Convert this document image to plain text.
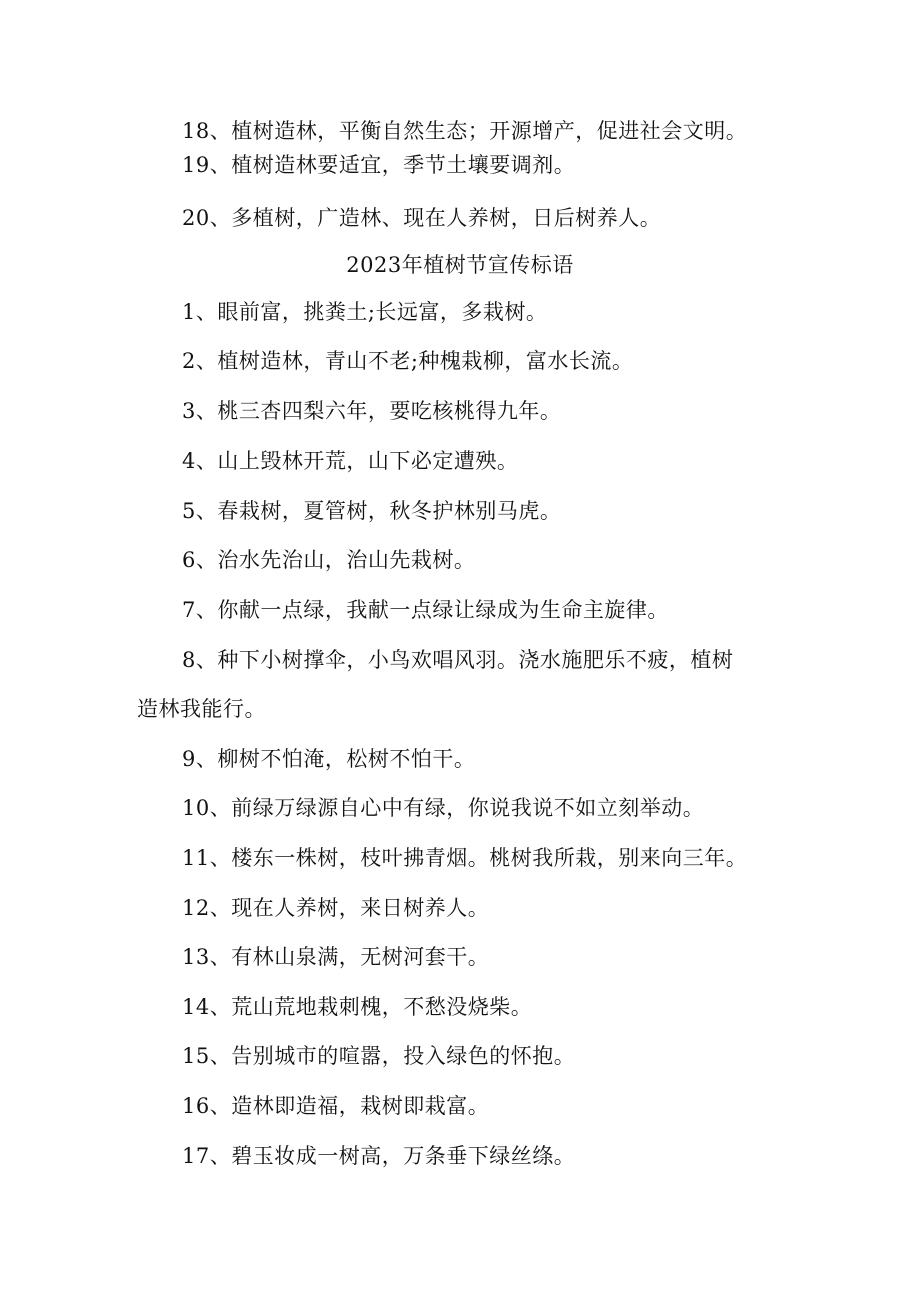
18、植树造林，平衡自然生态；开源增产，促进社会文明。
19、植树造林要适宜，季节土壤要调剂。
20、多植树，广造林、现在人养树，日后树养人。
2023年植树节宣传标语
1、眼前富，挑粪土;长远富，多栽树。
2、植树造林，青山不老;种槐栽柳，富水长流。
3、桃三杏四梨六年，要吃核桃得九年。
4、山上毁林开荒，山下必定遭殃。
5、春栽树，夏管树，秋冬护林别马虎。
6、治水先治山，治山先栽树。
7、你献一点绿，我献一点绿让绿成为生命主旋律。
8、种下小树撑伞，小鸟欢唱风羽。浇水施肥乐不疲，植树
造林我能行。
9、柳树不怕淹，松树不怕干。
10、前绿万绿源自心中有绿，你说我说不如立刻举动。
11、楼东一株树，枝叶拂青烟。桃树我所栽，别来向三年。
12、现在人养树，来日树养人。
13、有林山泉满，无树河套干。
14、荒山荒地栽刺槐，不愁没烧柴。
15、告别城市的喧嚣，投入绿色的怀抱。
16、造林即造福，栽树即栽富。
17、碧玉妆成一树高，万条垂下绿丝绦。
